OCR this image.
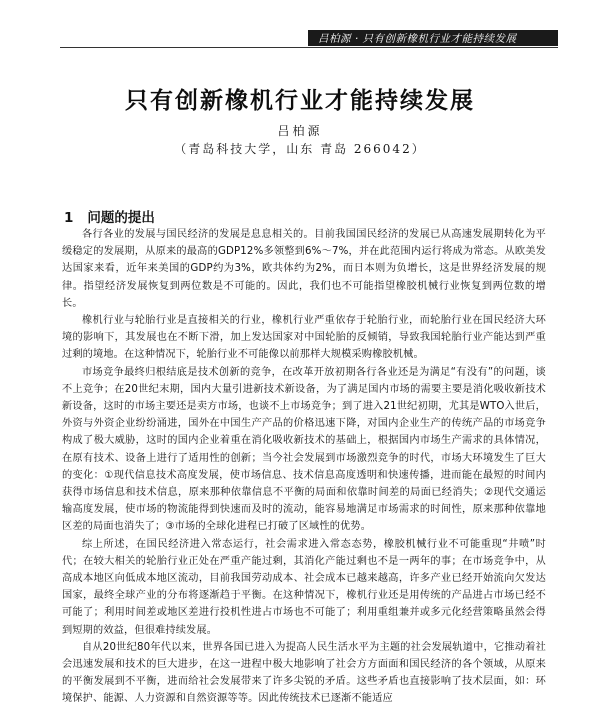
吕柏源 · 只有创新橡机行业才能持续发展
只有创新橡机行业才能持续发展
吕柏源
（青岛科技大学，山东 青岛 266042）
1 问题的提出

各行各业的发展与国民经济的发展是息息相关的。目前我国国民经济的发展已从高速发展期转化为平缓稳定的发展期，从原来的最高的GDP12%多领整到6%～7%，并在此范围内运行将成为常态。从欧美发达国家来看，近年来美国的GDP约为3%，欧共体约为2%，而日本则为负增长，这是世界经济发展的规律。指望经济发展恢复到两位数是不可能的。因此，我们也不可能指望橡胶机械行业恢复到两位数的增长。

橡机行业与轮胎行业是直接相关的行业，橡机行业严重依存于轮胎行业，而轮胎行业在国民经济大环境的影响下，其发展也在不断下滑，加上发达国家对中国轮胎的反倾销，导致我国轮胎行业产能达到严重过剩的境地。在这种情况下，轮胎行业不可能像以前那样大规模采购橡胶机械。

市场竞争最终归根结底是技术创新的竞争，在改革开放初期各行各业还是为满足“有没有”的问题，谈不上竞争；在20世纪末期，国内大量引进新技术新设备，为了满足国内市场的需要主要是消化吸收新技术新设备，这时的市场主要还是卖方市场，也谈不上市场竞争；到了进入21世纪初期，尤其是WTO入世后，外资与外资企业纷纷涌进，国外在中国生产产品的价格迅速下降，对国内企业生产的传统产品的市场竞争构成了极大威胁，这时的国内企业着重在消化吸收新技术的基础上，根据国内市场生产需求的具体情况，在原有技术、设备上进行了适用性的创新；当今社会发展到市场激烈竞争的时代，市场大环境发生了巨大的变化：①现代信息技术高度发展，使市场信息、技术信息高度透明和快速传播，进而能在最短的时间内获得市场信息和技术信息，原来那种依靠信息不平衡的局面和依靠时间差的局面已经消失；②现代交通运输高度发展，使市场的物流能得到快速而及时的流动，能容易地满足市场需求的时间性，原来那种依靠地区差的局面也消失了；③市场的全球化进程已打破了区域性的优势。

综上所述，在国民经济进入常态运行，社会需求进入常态态势，橡胶机械行业不可能重现“井喷”时代；在较大相关的轮胎行业正处在严重产能过剩，其消化产能过剩也不是一两年的事；在市场竞争中，从高成本地区向低成本地区流动，目前我国劳动成本、社会成本已越来越高，许多产业已经开始流向欠发达国家，最终全球产业的分布将逐渐趋于平衡。在这种情况下，橡机行业还是用传统的产品进占市场已经不可能了；利用时间差或地区差进行投机性进占市场也不可能了；利用重组兼并或多元化经营策略虽然会得到短期的效益，但很难持续发展。

自从20世纪80年代以来，世界各国已进入为提高人民生活水平为主题的社会发展轨道中，它推动着社会迅速发展和技术的巨大进步，在这一进程中极大地影响了社会方方面面和国民经济的各个领域，从原来的平衡发展到不平衡，进而给社会发展带来了许多尖锐的矛盾。这些矛盾也直接影响了技术层面，如：环境保护、能源、人力资源和自然资源等等。因此传统技术已逐渐不能适应
